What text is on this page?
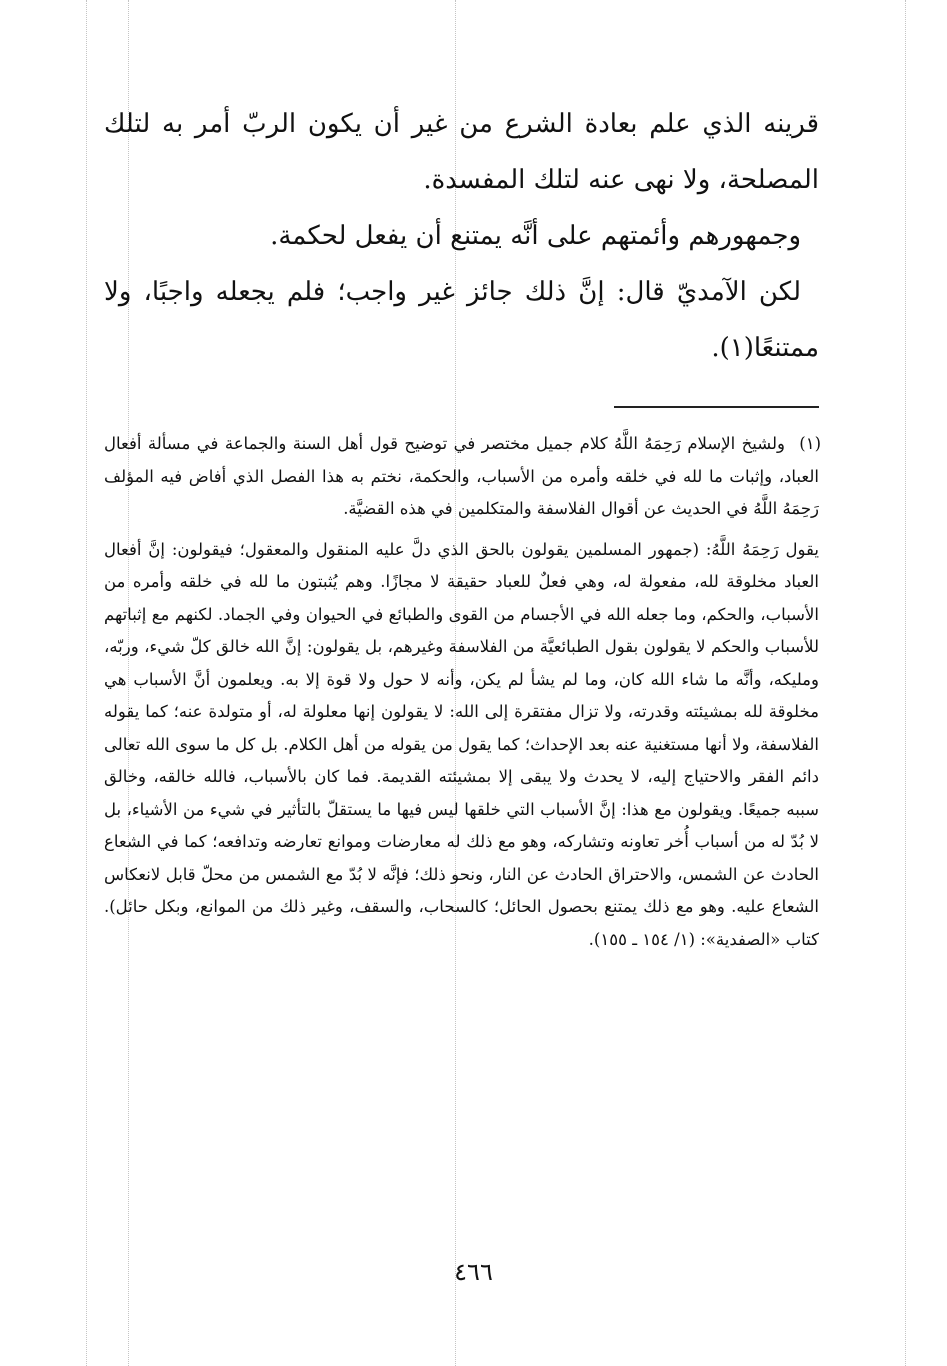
قرينه الذي علم بعادة الشرع من غير أن يكون الربّ أمر به لتلك المصلحة، ولا نهى عنه لتلك المفسدة.

وجمهورهم وأئمتهم على أنَّه يمتنع أن يفعل لحكمة.

لكن الآمديّ قال: إنَّ ذلك جائز غير واجب؛ فلم يجعله واجبًا، ولا ممتنعًا(١).

(١)
ولشيخ الإسلام رَحِمَهُ اللَّهُ كلام جميل مختصر في توضيح قول أهل السنة والجماعة في مسألة أفعال العباد، وإثبات ما لله في خلقه وأمره من الأسباب، والحكمة، نختم به هذا الفصل الذي أفاض فيه المؤلف رَحِمَهُ اللَّهُ في الحديث عن أقوال الفلاسفة والمتكلمين في هذه القضيَّة.

يقول رَحِمَهُ اللَّهُ: (جمهور المسلمين يقولون بالحق الذي دلَّ عليه المنقول والمعقول؛ فيقولون: إنَّ أفعال العباد مخلوقة لله، مفعولة له، وهي فعلٌ للعباد حقيقة لا مجازًا. وهم يُثبتون ما لله في خلقه وأمره من الأسباب، والحكم، وما جعله الله في الأجسام من القوى والطبائع في الحيوان وفي الجماد. لكنهم مع إثباتهم للأسباب والحكم لا يقولون بقول الطبائعيَّة من الفلاسفة وغيرهم، بل يقولون: إنَّ الله خالق كلّ شيء، وربّه، ومليكه، وأنَّه ما شاء الله كان، وما لم يشأ لم يكن، وأنه لا حول ولا قوة إلا به. ويعلمون أنَّ الأسباب هي مخلوقة لله بمشيئته وقدرته، ولا تزال مفتقرة إلى الله: لا يقولون إنها معلولة له، أو متولدة عنه؛ كما يقوله الفلاسفة، ولا أنها مستغنية عنه بعد الإحداث؛ كما يقول من يقوله من أهل الكلام. بل كل ما سوى الله تعالى دائم الفقر والاحتياج إليه، لا يحدث ولا يبقى إلا بمشيئته القديمة. فما كان بالأسباب، فالله خالقه، وخالق سببه جميعًا. ويقولون مع هذا: إنَّ الأسباب التي خلقها ليس فيها ما يستقلّ بالتأثير في شيء من الأشياء، بل لا بُدّ له من أسباب أُخر تعاونه وتشاركه، وهو مع ذلك له معارضات وموانع تعارضه وتدافعه؛ كما في الشعاع الحادث عن الشمس، والاحتراق الحادث عن النار، ونحو ذلك؛ فإنَّه لا بُدّ مع الشمس من محلّ قابل لانعكاس الشعاع عليه. وهو مع ذلك يمتنع بحصول الحائل؛ كالسحاب، والسقف، وغير ذلك من الموانع، وبكل حائل). كتاب «الصفدية»: (١/ ١٥٤ ـ ١٥٥).

٤٦٦
